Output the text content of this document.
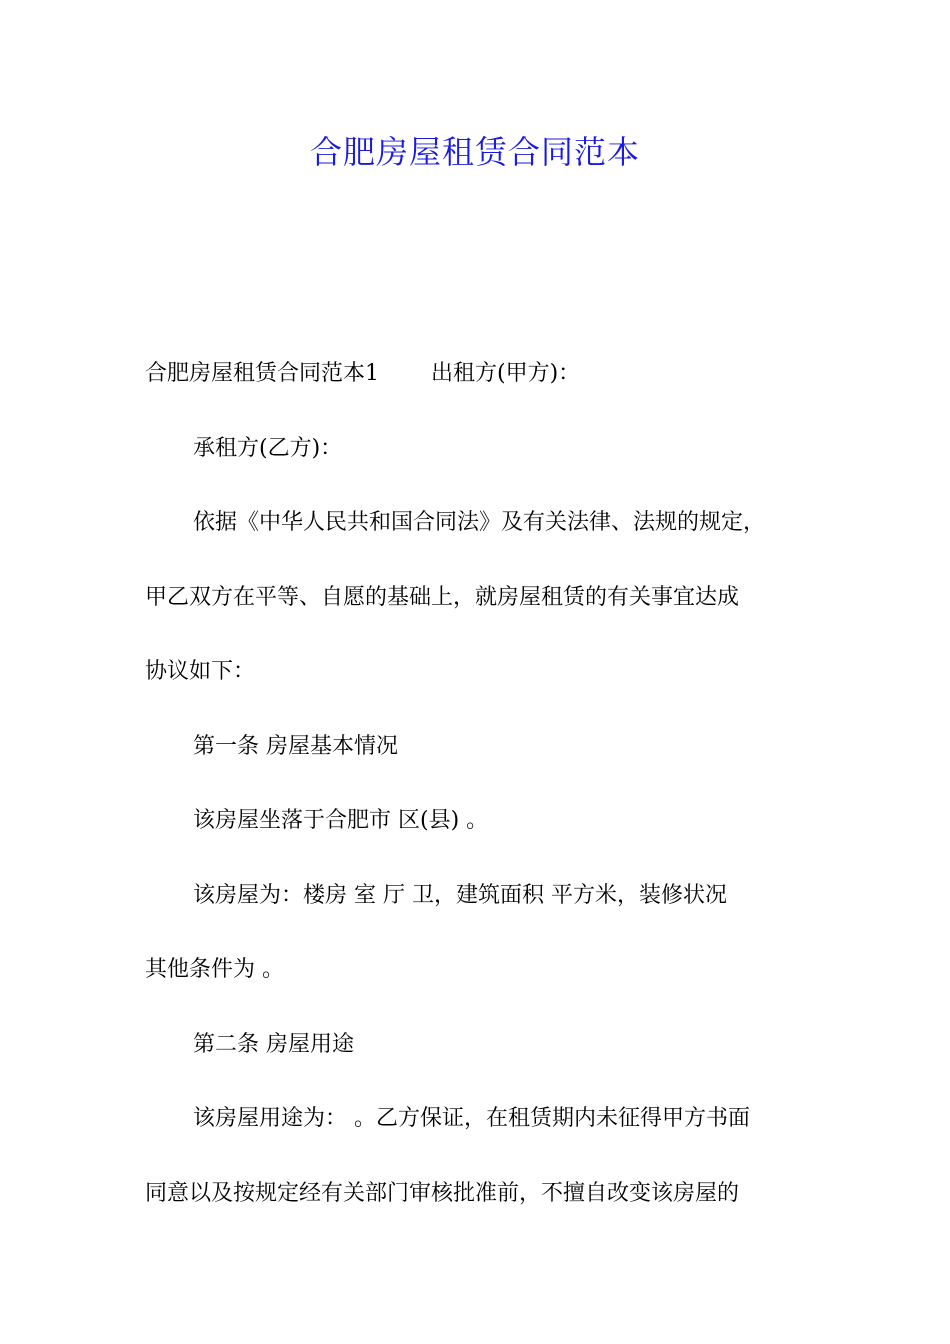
合肥房屋租赁合同范本
合肥房屋租赁合同范本1 出租方(甲方)：
承租方(乙方)：
依据《中华人民共和国合同法》及有关法律、法规的规定，
甲乙双方在平等、自愿的基础上，就房屋租赁的有关事宜达成
协议如下：
第一条 房屋基本情况
该房屋坐落于合肥市 区(县) 。
该房屋为：楼房 室 厅 卫，建筑面积 平方米，装修状况
其他条件为 。
第二条 房屋用途
该房屋用途为： 。乙方保证，在租赁期内未征得甲方书面
同意以及按规定经有关部门审核批准前，不擅自改变该房屋的
